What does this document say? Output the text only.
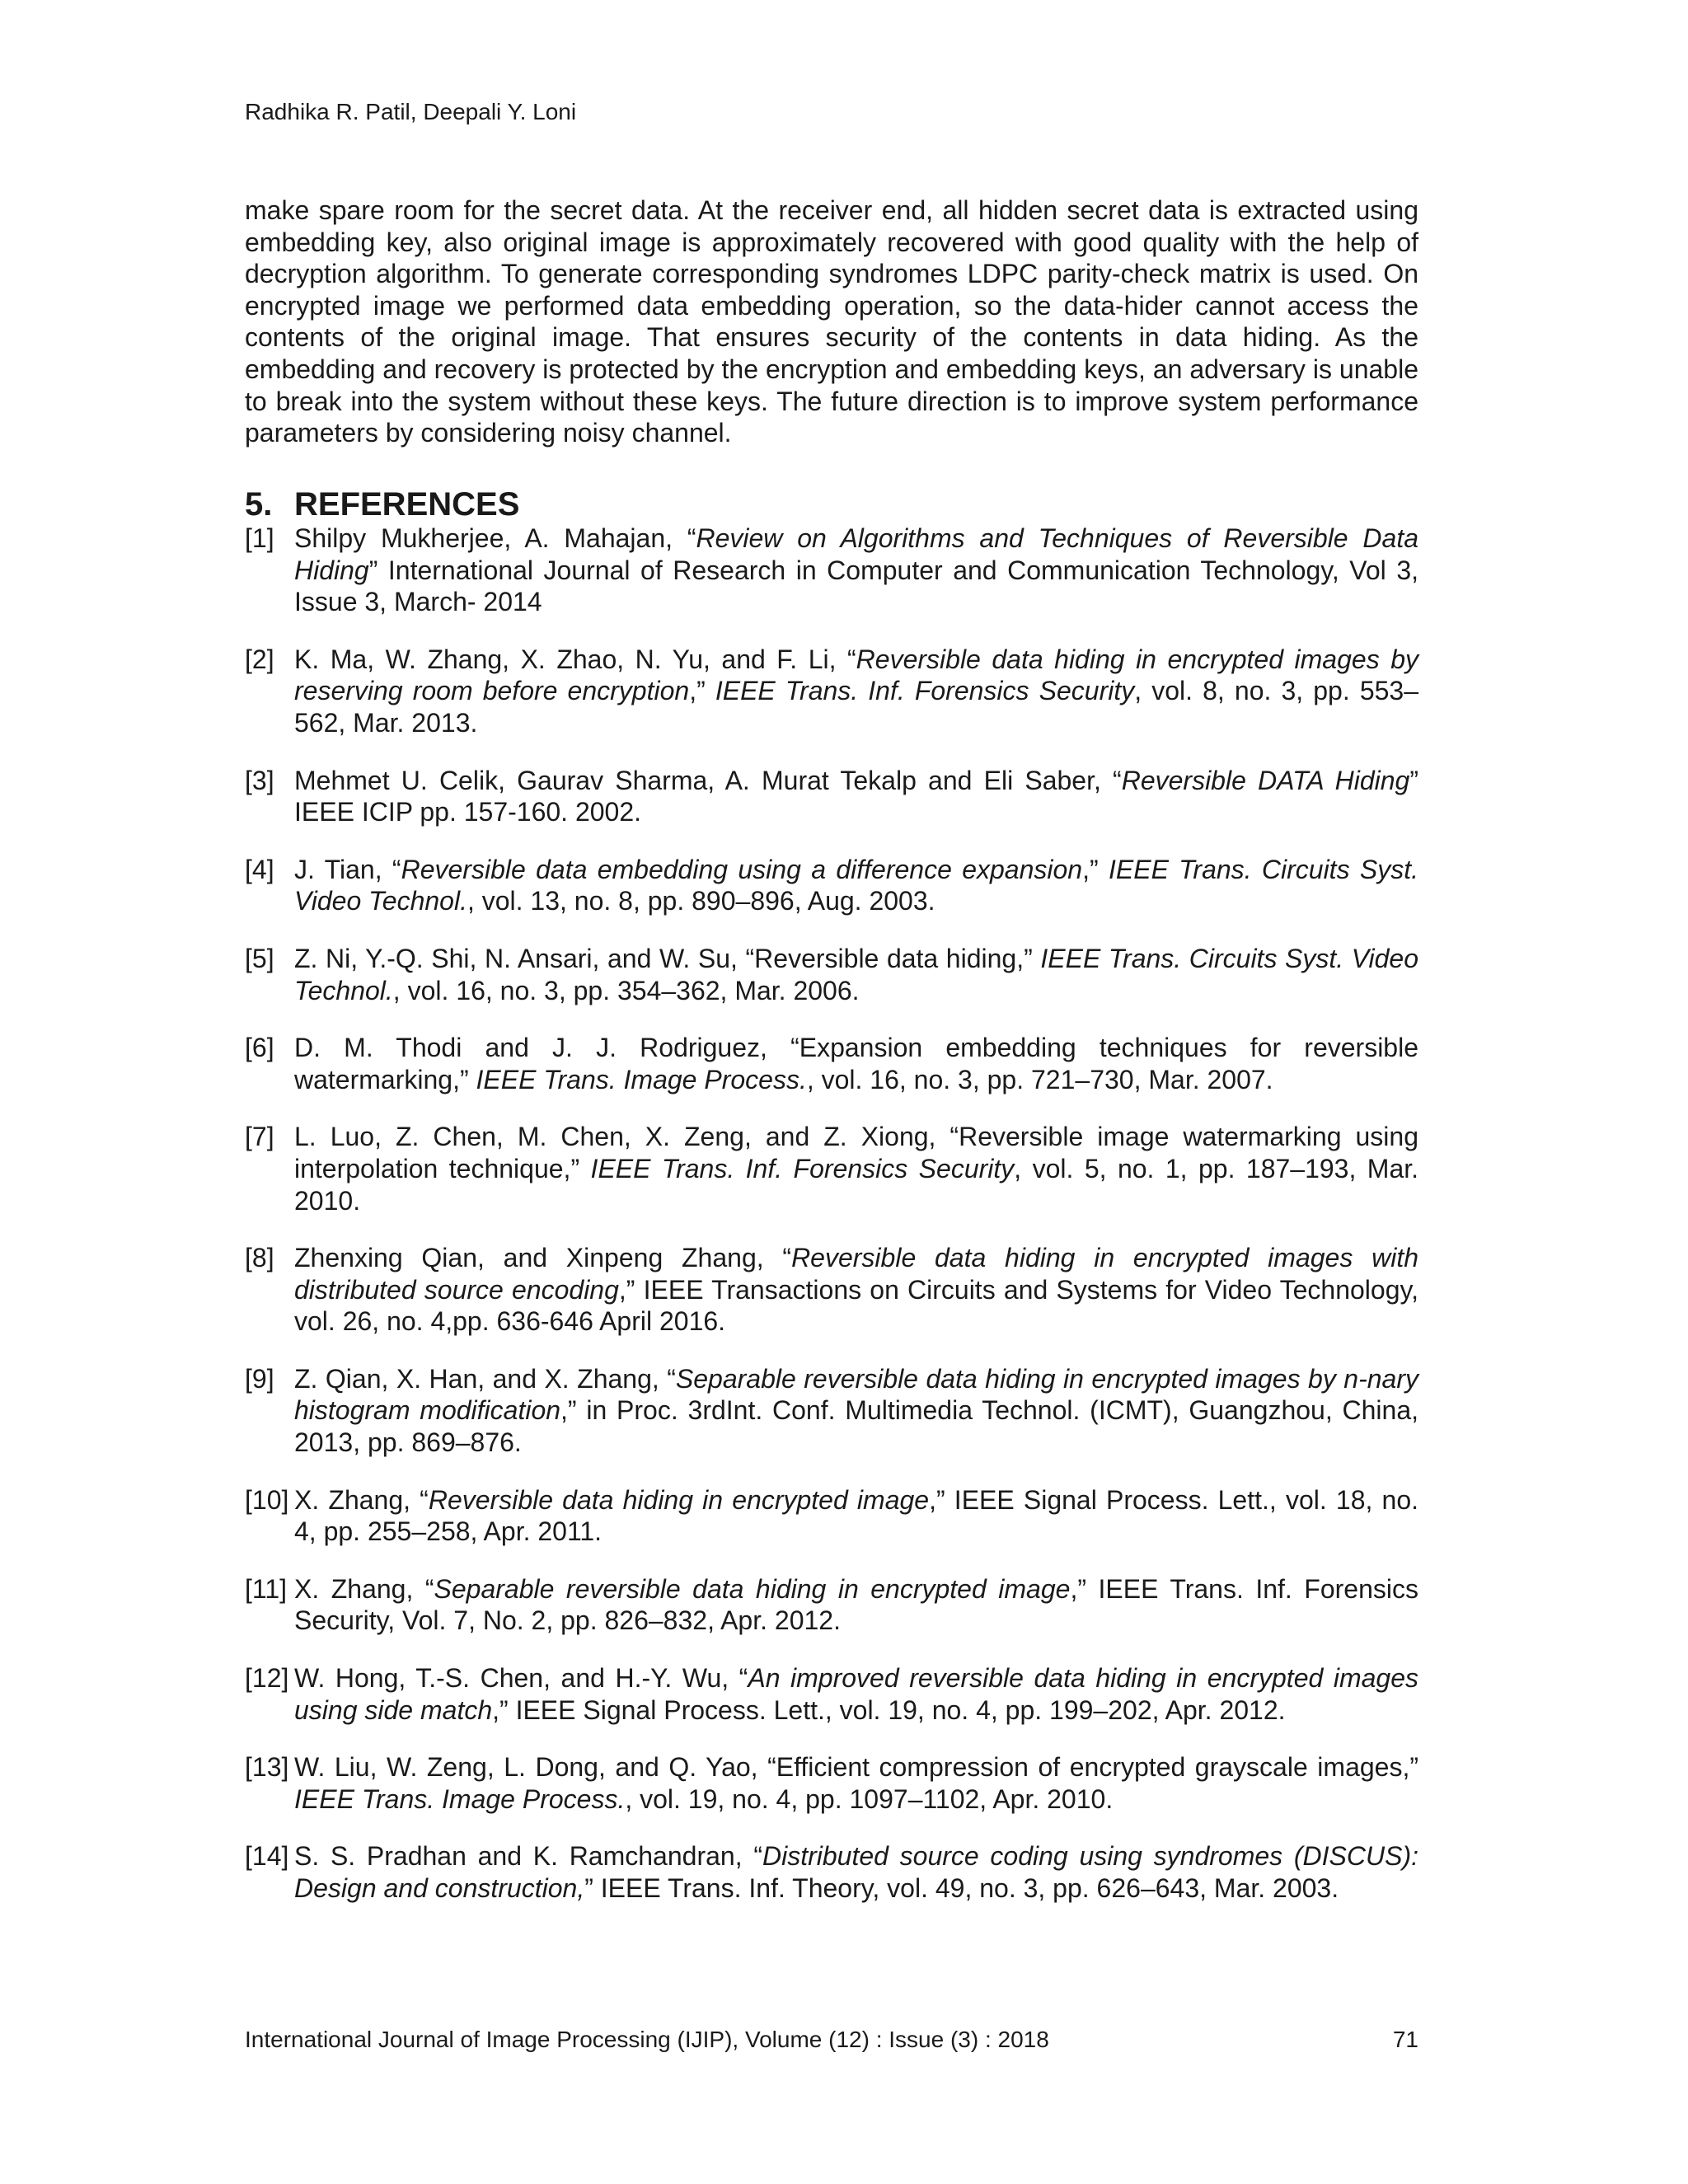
Radhika R. Patil, Deepali Y. Loni

make spare room for the secret data. At the receiver end, all hidden secret data is extracted using embedding key, also original image is approximately recovered with good quality with the help of decryption algorithm. To generate corresponding syndromes LDPC parity-check matrix is used. On encrypted image we performed data embedding operation, so the data-hider cannot access the contents of the original image. That ensures security of the contents in data hiding. As the embedding and recovery is protected by the encryption and embedding keys, an adversary is unable to break into the system without these keys. The future direction is to improve system performance parameters by considering noisy channel.

5. REFERENCES
[1] Shilpy Mukherjee, A. Mahajan, “Review on Algorithms and Techniques of Reversible Data Hiding” International Journal of Research in Computer and Communication Technology, Vol 3, Issue 3, March- 2014
[2] K. Ma, W. Zhang, X. Zhao, N. Yu, and F. Li, “Reversible data hiding in encrypted images by reserving room before encryption,” IEEE Trans. Inf. Forensics Security, vol. 8, no. 3, pp. 553–562, Mar. 2013.
[3] Mehmet U. Celik, Gaurav Sharma, A. Murat Tekalp and Eli Saber, “Reversible DATA Hiding” IEEE ICIP pp. 157-160. 2002.
[4] J. Tian, “Reversible data embedding using a difference expansion,” IEEE Trans. Circuits Syst. Video Technol., vol. 13, no. 8, pp. 890–896, Aug. 2003.
[5] Z. Ni, Y.-Q. Shi, N. Ansari, and W. Su, “Reversible data hiding,” IEEE Trans. Circuits Syst. Video Technol., vol. 16, no. 3, pp. 354–362, Mar. 2006.
[6] D. M. Thodi and J. J. Rodriguez, “Expansion embedding techniques for reversible watermarking,” IEEE Trans. Image Process., vol. 16, no. 3, pp. 721–730, Mar. 2007.
[7] L. Luo, Z. Chen, M. Chen, X. Zeng, and Z. Xiong, “Reversible image watermarking using interpolation technique,” IEEE Trans. Inf. Forensics Security, vol. 5, no. 1, pp. 187–193, Mar. 2010.
[8] Zhenxing Qian, and Xinpeng Zhang, “Reversible data hiding in encrypted images with distributed source encoding,” IEEE Transactions on Circuits and Systems for Video Technology, vol. 26, no. 4,pp. 636-646 April 2016.
[9] Z. Qian, X. Han, and X. Zhang, “Separable reversible data hiding in encrypted images by n-nary histogram modification,” in Proc. 3rdInt. Conf. Multimedia Technol. (ICMT), Guangzhou, China, 2013, pp. 869–876.
[10] X. Zhang, “Reversible data hiding in encrypted image,” IEEE Signal Process. Lett., vol. 18, no. 4, pp. 255–258, Apr. 2011.
[11] X. Zhang, “Separable reversible data hiding in encrypted image,” IEEE Trans. Inf. Forensics Security, Vol. 7, No. 2, pp. 826–832, Apr. 2012.
[12] W. Hong, T.-S. Chen, and H.-Y. Wu, “An improved reversible data hiding in encrypted images using side match,” IEEE Signal Process. Lett., vol. 19, no. 4, pp. 199–202, Apr. 2012.
[13] W. Liu, W. Zeng, L. Dong, and Q. Yao, “Efficient compression of encrypted grayscale images,” IEEE Trans. Image Process., vol. 19, no. 4, pp. 1097–1102, Apr. 2010.
[14] S. S. Pradhan and K. Ramchandran, “Distributed source coding using syndromes (DISCUS): Design and construction,” IEEE Trans. Inf. Theory, vol. 49, no. 3, pp. 626–643, Mar. 2003.
International Journal of Image Processing (IJIP), Volume (12) : Issue (3) : 2018	71
